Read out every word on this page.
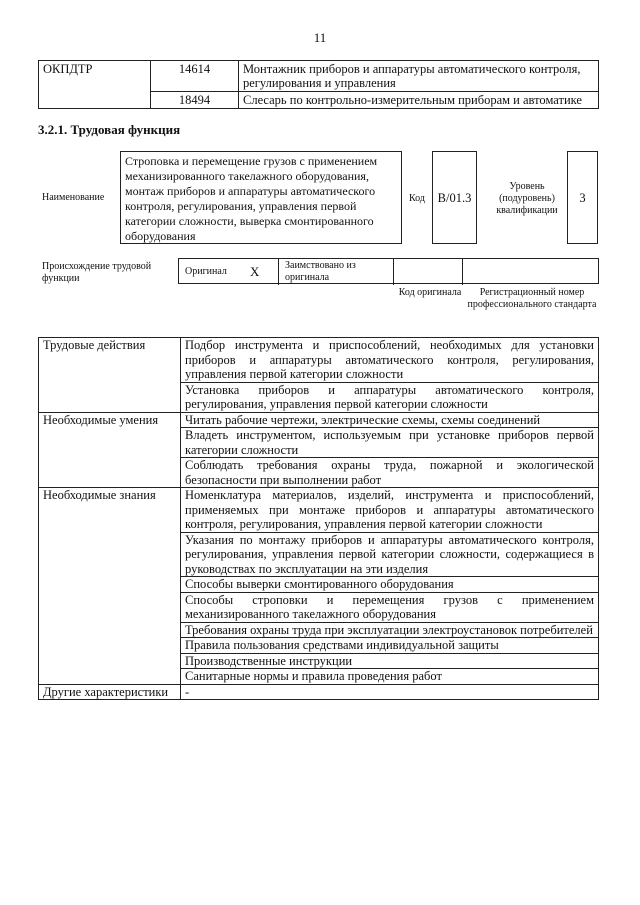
11
ОКПДТР	14614	Монтажник приборов и аппаратуры автоматического контроля, регулирования и управления
	18494	Слесарь по контрольно-измерительным приборам и автоматике
3.2.1. Трудовая функция
Наименование
Строповка и перемещение грузов с применением механизированного такелажного оборудования, монтаж приборов и аппаратуры автоматического контроля, регулирования, управления первой категории сложности, выверка смонтированного оборудования
Код	B/01.3
Уровень (подуровень) квалификации
3
Происхождение трудовой функции
Оригинал X	Заимствовано из оригинала
Код оригинала	Регистрационный номер профессионального стандарта
Трудовые действия	Подбор инструмента и приспособлений, необходимых для установки приборов и аппаратуры автоматического контроля, регулирования, управления первой категории сложности
	Установка приборов и аппаратуры автоматического контроля, регулирования, управления первой категории сложности
Необходимые умения	Читать рабочие чертежи, электрические схемы, схемы соединений
	Владеть инструментом, используемым при установке приборов первой категории сложности
	Соблюдать требования охраны труда, пожарной и экологической безопасности при выполнении работ
Необходимые знания	Номенклатура материалов, изделий, инструмента и приспособлений, применяемых при монтаже приборов и аппаратуры автоматического контроля, регулирования, управления первой категории сложности
	Указания по монтажу приборов и аппаратуры автоматического контроля, регулирования, управления первой категории сложности, содержащиеся в руководствах по эксплуатации на эти изделия
	Способы выверки смонтированного оборудования
	Способы строповки и перемещения грузов с применением механизированного такелажного оборудования
	Требования охраны труда при эксплуатации электроустановок потребителей
	Правила пользования средствами индивидуальной защиты
	Производственные инструкции
	Санитарные нормы и правила проведения работ
Другие характеристики	-
